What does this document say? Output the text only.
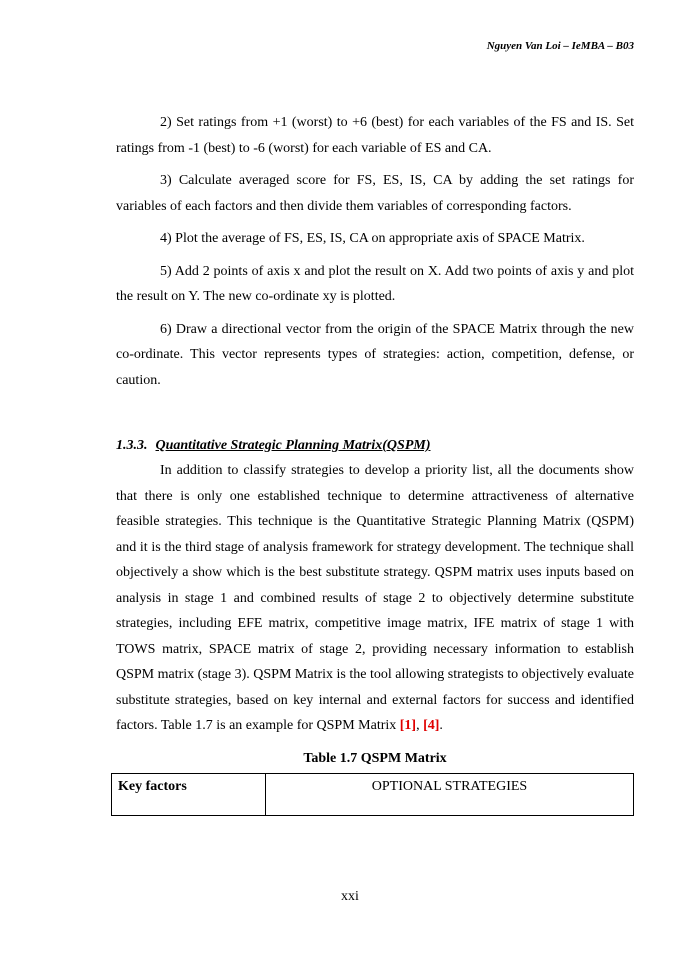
Nguyen Van Loi – IeMBA – B03

2) Set ratings from +1 (worst) to +6 (best) for each variables of the FS and IS. Set ratings from -1 (best) to -6 (worst) for each variable of ES and CA.

3) Calculate averaged score for FS, ES, IS, CA by adding the set ratings for variables of each factors and then divide them variables of corresponding factors.

4) Plot the average of FS, ES, IS, CA on appropriate axis of SPACE Matrix.

5) Add 2 points of axis x and plot the result on X. Add two points of axis y and plot the result on Y. The new co-ordinate xy is plotted.

6) Draw a directional vector from the origin of the SPACE Matrix through the new co-ordinate. This vector represents types of strategies: action, competition, defense, or caution.

1.3.3. Quantitative Strategic Planning Matrix(QSPM)

In addition to classify strategies to develop a priority list, all the documents show that there is only one established technique to determine attractiveness of alternative feasible strategies. This technique is the Quantitative Strategic Planning Matrix (QSPM) and it is the third stage of analysis framework for strategy development. The technique shall objectively a show which is the best substitute strategy. QSPM matrix uses inputs based on analysis in stage 1 and combined results of stage 2 to objectively determine substitute strategies, including EFE matrix, competitive image matrix, IFE matrix of stage 1 with TOWS matrix, SPACE matrix of stage 2, providing necessary information to establish QSPM matrix (stage 3). QSPM Matrix is the tool allowing strategists to objectively evaluate substitute strategies, based on key internal and external factors for success and identified factors. Table 1.7 is an example for QSPM Matrix [1], [4].

Table 1.7 QSPM Matrix
Key factors	OPTIONAL STRATEGIES
xxi
